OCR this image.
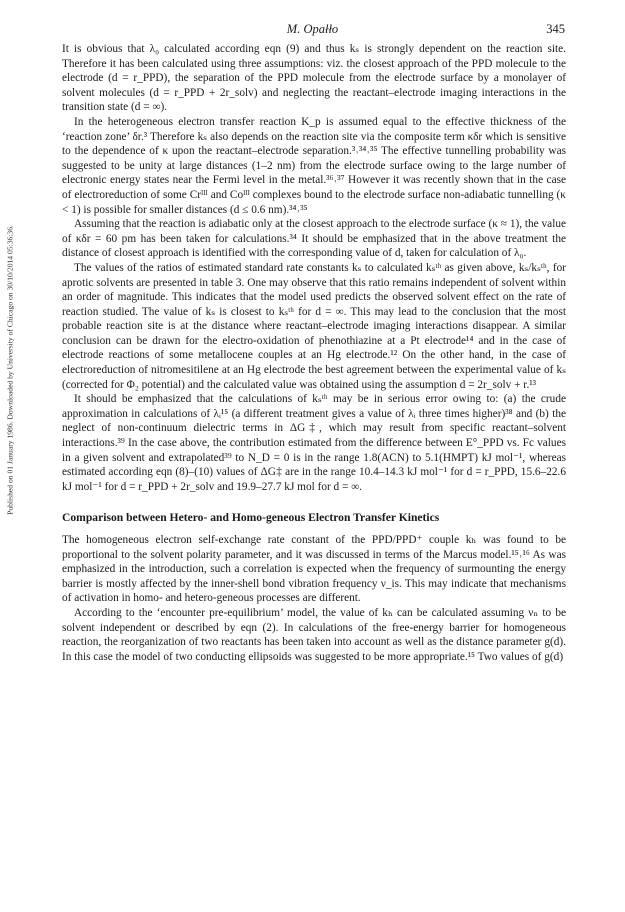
M. Opałło	345
Published on 01 January 1986. Downloaded by University of Chicago on 30/10/2014 05:36:36.

It is obvious that λ₀ calculated according eqn (9) and thus kₛ is strongly dependent on the reaction site. Therefore it has been calculated using three assumptions: viz. the closest approach of the PPD molecule to the electrode (d = r_PPD), the separation of the PPD molecule from the electrode surface by a monolayer of solvent molecules (d = r_PPD + 2r_solv) and neglecting the reactant–electrode imaging interactions in the transition state (d = ∞).

In the heterogeneous electron transfer reaction K_p is assumed equal to the effective thickness of the ‘reaction zone’ δr.³ Therefore kₛ also depends on the reaction site via the composite term κδr which is sensitive to the dependence of κ upon the reactant–electrode separation.³˒³⁴˒³⁵ The effective tunnelling probability was suggested to be unity at large distances (1–2 nm) from the electrode surface owing to the large number of electronic energy states near the Fermi level in the metal.³⁶˒³⁷ However it was recently shown that in the case of electroreduction of some Crᴵᴵᴵ and Coᴵᴵᴵ complexes bound to the electrode surface non-adiabatic tunnelling (κ < 1) is possible for smaller distances (d ≤ 0.6 nm).³⁴˒³⁵

Assuming that the reaction is adiabatic only at the closest approach to the electrode surface (κ ≈ 1), the value of κδr = 60 pm has been taken for calculations.³⁴ It should be emphasized that in the above treatment the distance of closest approach is identified with the corresponding value of d, taken for calculation of λ₀.

The values of the ratios of estimated standard rate constants kₛ to calculated kₛᵗʰ as given above, kₛ/kₛᵗʰ, for aprotic solvents are presented in table 3. One may observe that this ratio remains independent of solvent within an order of magnitude. This indicates that the model used predicts the observed solvent effect on the rate of reaction studied. The value of kₛ is closest to kₛᵗʰ for d = ∞. This may lead to the conclusion that the most probable reaction site is at the distance where reactant–electrode imaging interactions disappear. A similar conclusion can be drawn for the electro-oxidation of phenothiazine at a Pt electrode¹⁴ and in the case of electrode reactions of some metallocene couples at an Hg electrode.¹² On the other hand, in the case of electroreduction of nitromesitilene at an Hg electrode the best agreement between the experimental value of kₛ (corrected for Φ₂ potential) and the calculated value was obtained using the assumption d = 2r_solv + r.¹³

It should be emphasized that the calculations of kₛᵗʰ may be in serious error owing to: (a) the crude approximation in calculations of λᵢ¹⁵ (a different treatment gives a value of λᵢ three times higher)³⁸ and (b) the neglect of non-continuum dielectric terms in ΔG‡, which may result from specific reactant–solvent interactions.³⁹ In the case above, the contribution estimated from the difference between E°_PPD vs. Fc values in a given solvent and extrapolated³⁹ to N_D = 0 is in the range 1.8(ACN) to 5.1(HMPT) kJ mol⁻¹, whereas estimated according eqn (8)–(10) values of ΔG‡ are in the range 10.4–14.3 kJ mol⁻¹ for d = r_PPD, 15.6–22.6 kJ mol⁻¹ for d = r_PPD + 2r_solv and 19.9–27.7 kJ mol for d = ∞.

Comparison between Hetero- and Homo-geneous Electron Transfer Kinetics

The homogeneous electron self-exchange rate constant of the PPD/PPD⁺ couple kₕ was found to be proportional to the solvent polarity parameter, and it was discussed in terms of the Marcus model.¹⁵˒¹⁶ As was emphasized in the introduction, such a correlation is expected when the frequency of surmounting the energy barrier is mostly affected by the inner-shell bond vibration frequency ν_is. This may indicate that mechanisms of activation in homo- and hetero-geneous processes are different.

According to the ‘encounter pre-equilibrium’ model, the value of kₕ can be calculated assuming νₙ to be solvent independent or described by eqn (2). In calculations of the free-energy barrier for homogeneous reaction, the reorganization of two reactants has been taken into account as well as the distance parameter g(d). In this case the model of two conducting ellipsoids was suggested to be more appropriate.¹⁵ Two values of g(d)
